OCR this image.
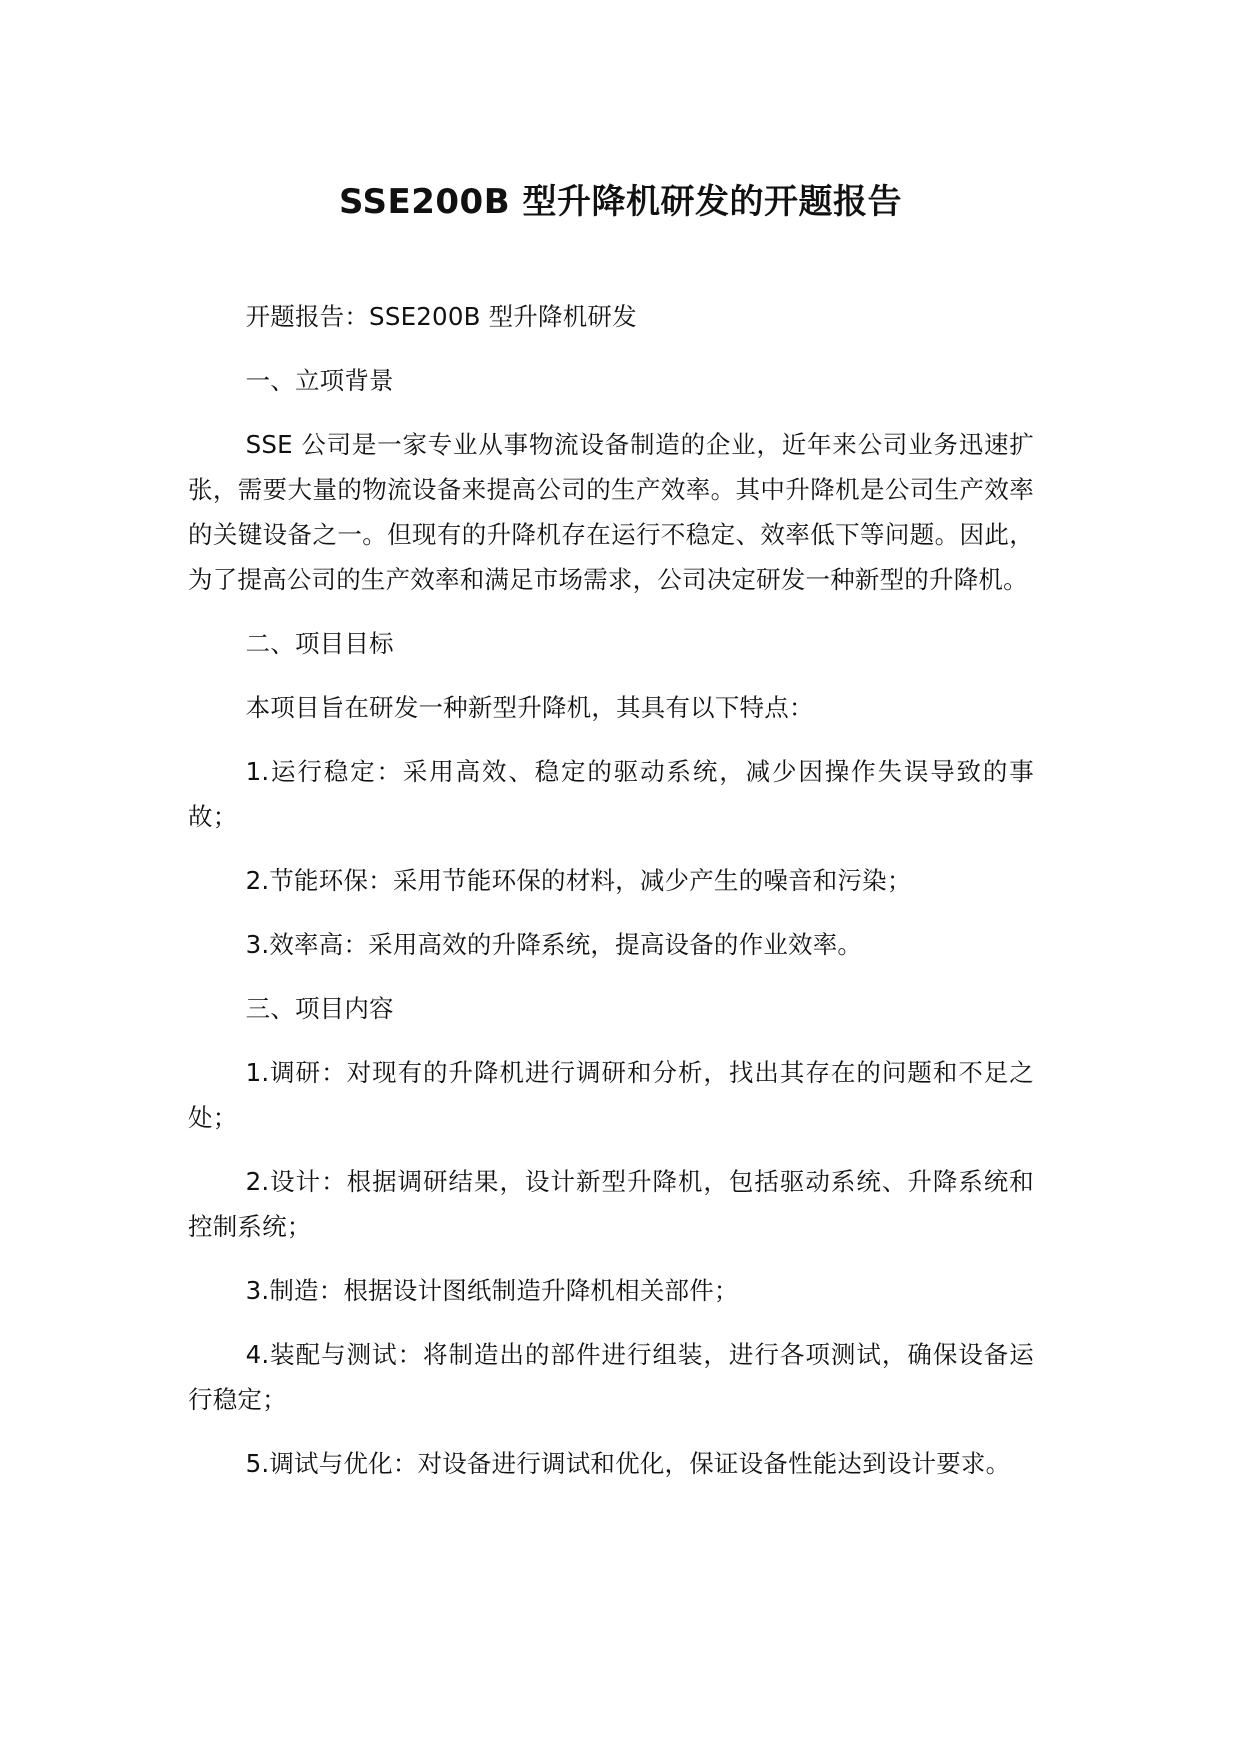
SSE200B 型升降机研发的开题报告

开题报告：SSE200B 型升降机研发

一、立项背景

SSE 公司是一家专业从事物流设备制造的企业，近年来公司业务迅速扩张，需要大量的物流设备来提高公司的生产效率。其中升降机是公司生产效率的关键设备之一。但现有的升降机存在运行不稳定、效率低下等问题。因此，为了提高公司的生产效率和满足市场需求，公司决定研发一种新型的升降机。

二、项目目标

本项目旨在研发一种新型升降机，其具有以下特点：

1.运行稳定：采用高效、稳定的驱动系统，减少因操作失误导致的事故；

2.节能环保：采用节能环保的材料，减少产生的噪音和污染；

3.效率高：采用高效的升降系统，提高设备的作业效率。

三、项目内容

1.调研：对现有的升降机进行调研和分析，找出其存在的问题和不足之处；

2.设计：根据调研结果，设计新型升降机，包括驱动系统、升降系统和控制系统；

3.制造：根据设计图纸制造升降机相关部件；

4.装配与测试：将制造出的部件进行组装，进行各项测试，确保设备运行稳定；

5.调试与优化：对设备进行调试和优化，保证设备性能达到设计要求。
